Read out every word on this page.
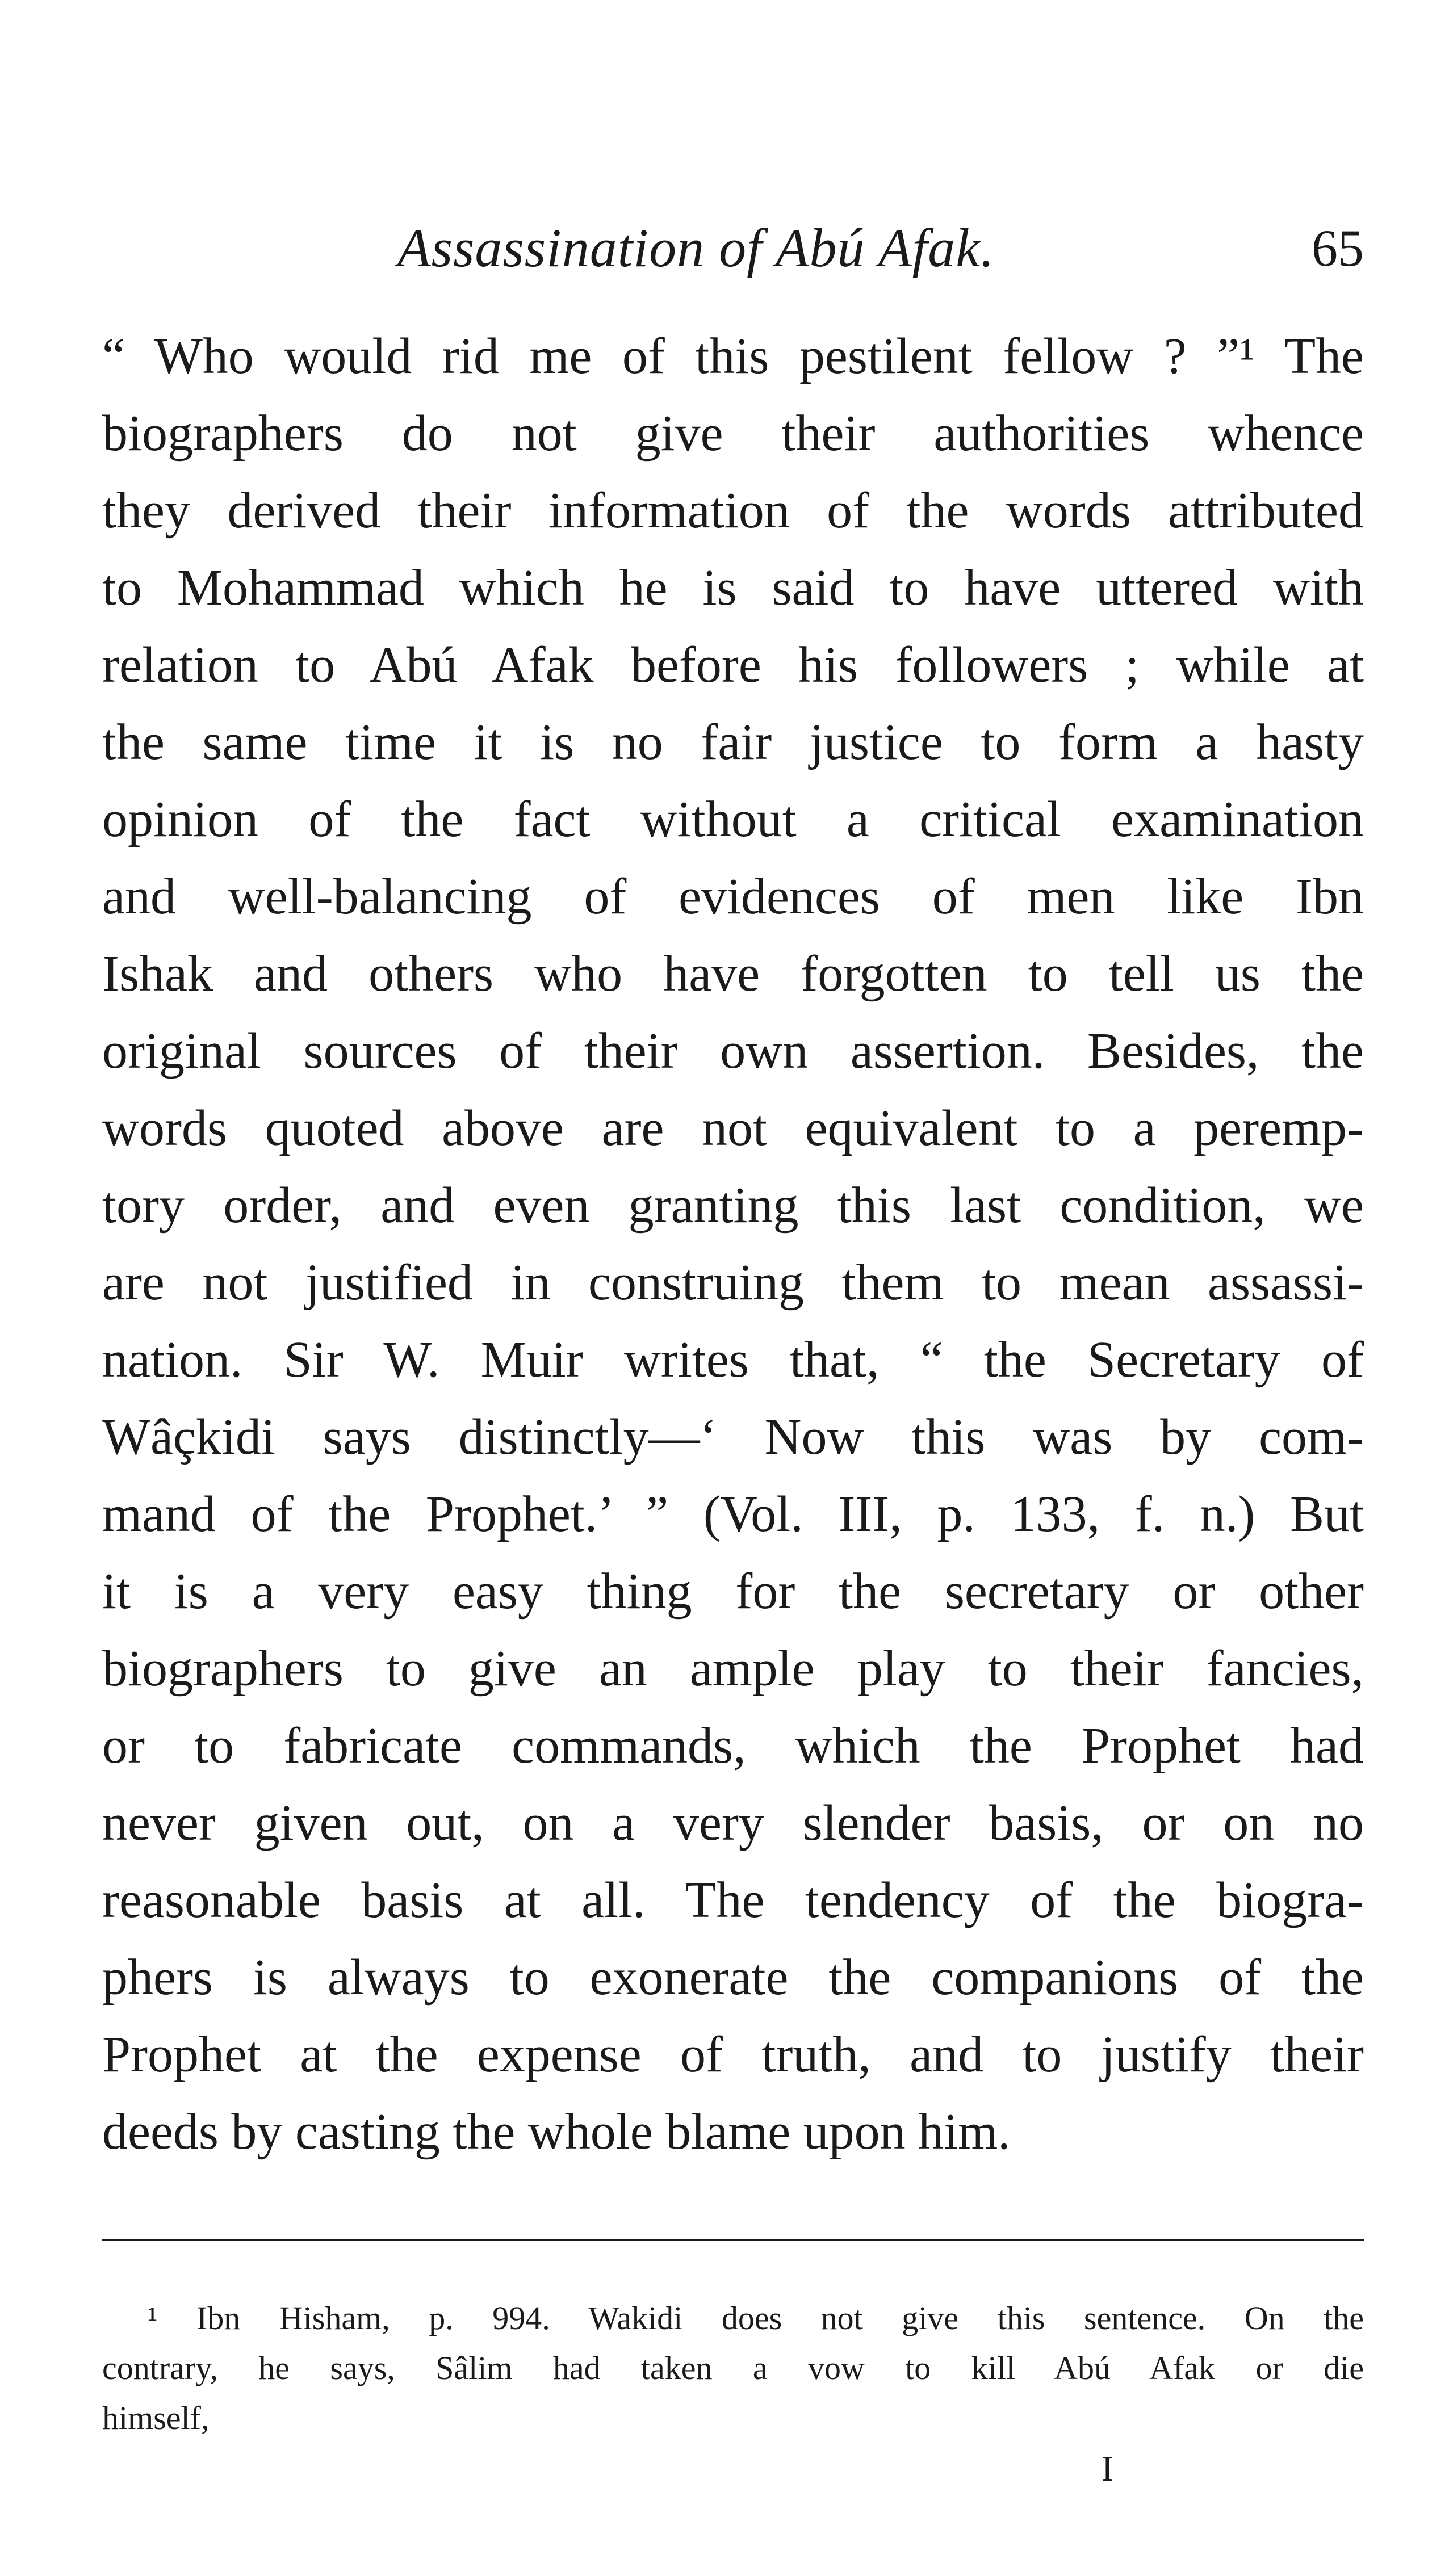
Assassination of Abú Afak.	65
“ Who would rid me of this pestilent fellow ? ”¹ The
biographers do not give their authorities whence
they derived their information of the words attributed
to Mohammad which he is said to have uttered with
relation to Abú Afak before his followers ; while at
the same time it is no fair justice to form a hasty
opinion of the fact without a critical examination
and well-balancing of evidences of men like Ibn
Ishak and others who have forgotten to tell us the
original sources of their own assertion. Besides, the
words quoted above are not equivalent to a peremp-
tory order, and even granting this last condition, we
are not justified in construing them to mean assassi-
nation. Sir W. Muir writes that, “ the Secretary of
Wâçkidi says distinctly—‘ Now this was by com-
mand of the Prophet.’ ” (Vol. III, p. 133, f. n.) But
it is a very easy thing for the secretary or other
biographers to give an ample play to their fancies,
or to fabricate commands, which the Prophet had
never given out, on a very slender basis, or on no
reasonable basis at all. The tendency of the biogra-
phers is always to exonerate the companions of the
Prophet at the expense of truth, and to justify their
deeds by casting the whole blame upon him.
¹ Ibn Hisham, p. 994. Wakidi does not give this sentence. On the
contrary, he says, Sâlim had taken a vow to kill Abú Afak or die
himself,
I
